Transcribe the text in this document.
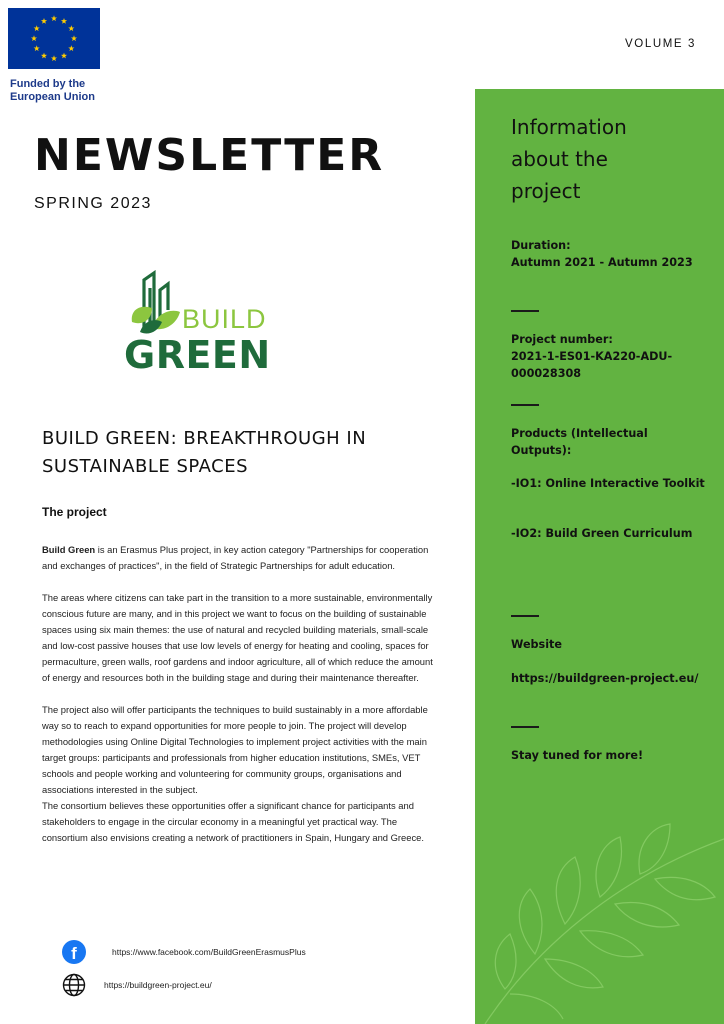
Funded by the
European Union
VOLUME 3
NEWSLETTER
SPRING 2023
BUILD
GREEN
BUILD GREEN: BREAKTHROUGH IN
SUSTAINABLE SPACES
The project

Build Green is an Erasmus Plus project, in key action category "Partnerships for cooperation and exchanges of practices", in the field of Strategic Partnerships for adult education.

The areas where citizens can take part in the transition to a more sustainable, environmentally conscious future are many, and in this project we want to focus on the building of sustainable spaces using six main themes: the use of natural and recycled building materials, small-scale and low-cost passive houses that use low levels of energy for heating and cooling, spaces for permaculture, green walls, roof gardens and indoor agriculture, all of which reduce the amount of energy and resources both in the building stage and during their maintenance thereafter.

The project also will offer participants the techniques to build sustainably in a more affordable way so to reach to expand opportunities for more people to join. The project will develop methodologies using Online Digital Technologies to implement project activities with the main target groups: participants and professionals from higher education institutions, SMEs, VET schools and people working and volunteering for community groups, organisations and associations interested in the subject.

The consortium believes these opportunities offer a significant chance for participants and stakeholders to engage in the circular economy in a meaningful yet practical way. The consortium also envisions creating a network of practitioners in Spain, Hungary and Greece.

f	https://www.facebook.com/BuildGreenErasmusPlus
https://buildgreen-project.eu/
Information
about the
project
Duration:
Autumn 2021 - Autumn 2023
Project number:
2021-1-ES01-KA220-ADU-000028308
Products (Intellectual Outputs):
-IO1: Online Interactive Toolkit
-IO2: Build Green Curriculum
Website
https://buildgreen-project.eu/
Stay tuned for more!
